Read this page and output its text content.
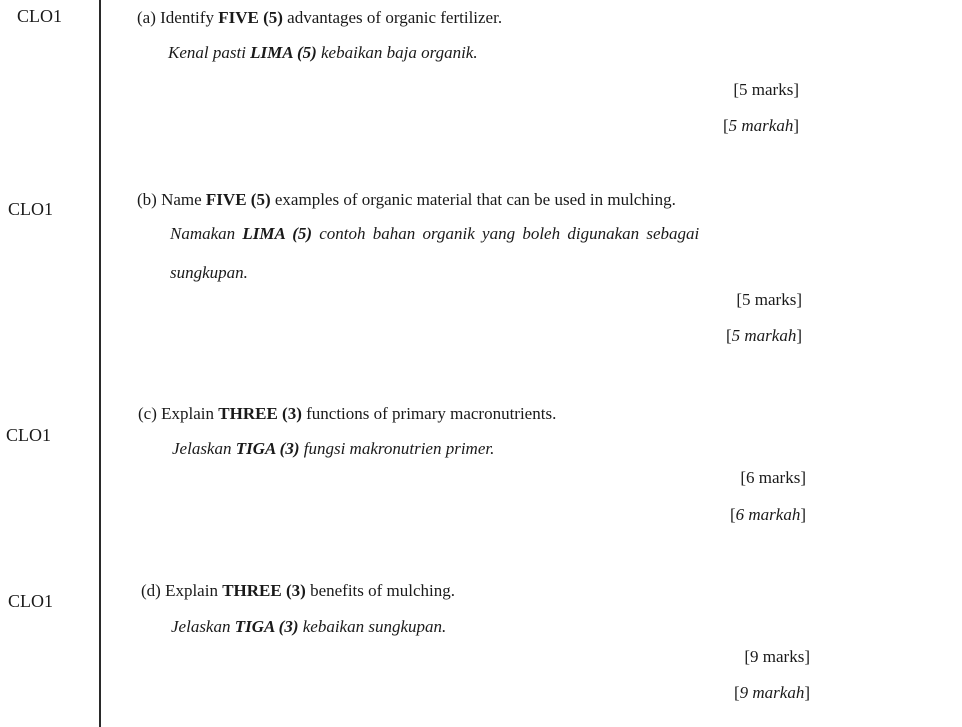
CLO1	(a) Identify FIVE (5) advantages of organic fertilizer.
Kenal pasti LIMA (5) kebaikan baja organik.
[5 marks]
[5 markah]
CLO1	(b) Name FIVE (5) examples of organic material that can be used in mulching.
Namakan LIMA (5) contoh bahan organik yang boleh digunakan sebagai
sungkupan.
[5 marks]
[5 markah]
CLO1
(c) Explain THREE (3) functions of primary macronutrients.
Jelaskan TIGA (3) fungsi makronutrien primer.
[6 marks]
[6 markah]
CLO1
(d) Explain THREE (3) benefits of mulching.
Jelaskan TIGA (3) kebaikan sungkupan.
[9 marks]
[9 markah]
